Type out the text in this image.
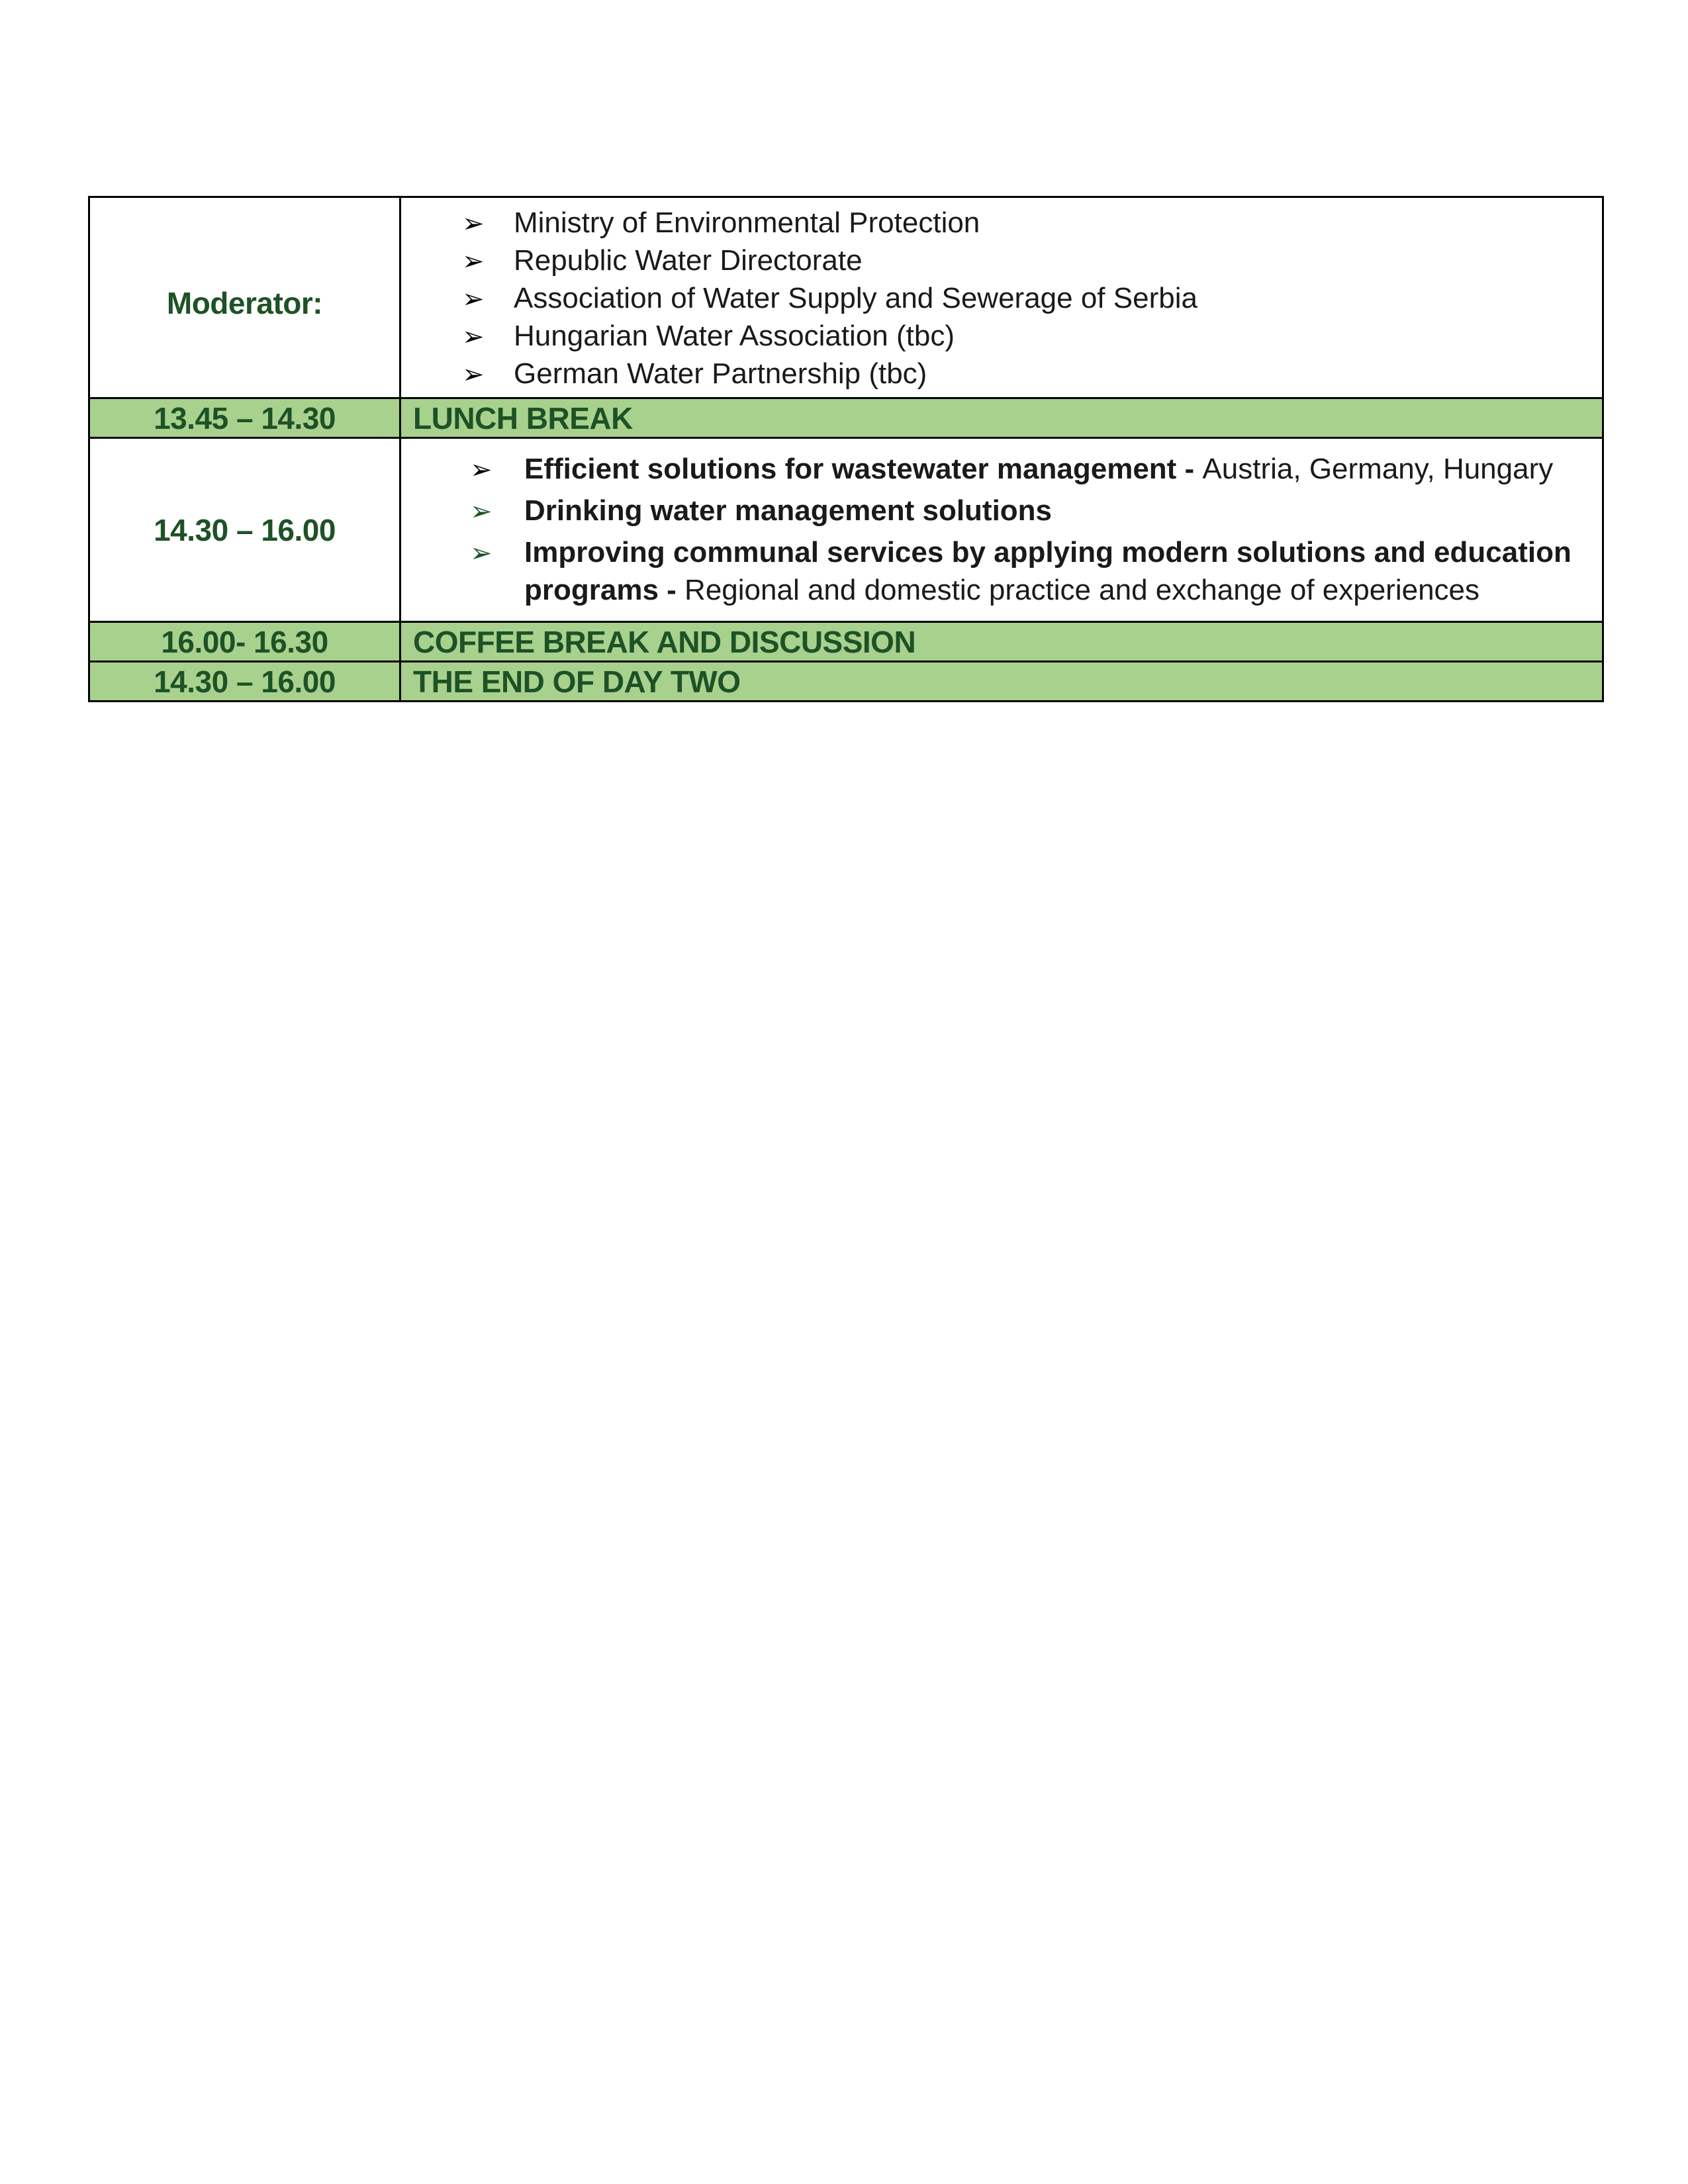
Moderator:	➢ Ministry of Environmental Protection
➢ Republic Water Directorate
➢ Association of Water Supply and Sewerage of Serbia
➢ Hungarian Water Association (tbc)
➢ German Water Partnership (tbc)

13.45 – 14.30	LUNCH BREAK
14.30 – 16.00	➢ Efficient solutions for wastewater management - Austria, Germany, Hungary
➢ Drinking water management solutions
➢ Improving communal services by applying modern solutions and education programs - Regional and domestic practice and exchange of experiences

16.00- 16.30	COFFEE BREAK AND DISCUSSION
14.30 – 16.00	THE END OF DAY TWO
